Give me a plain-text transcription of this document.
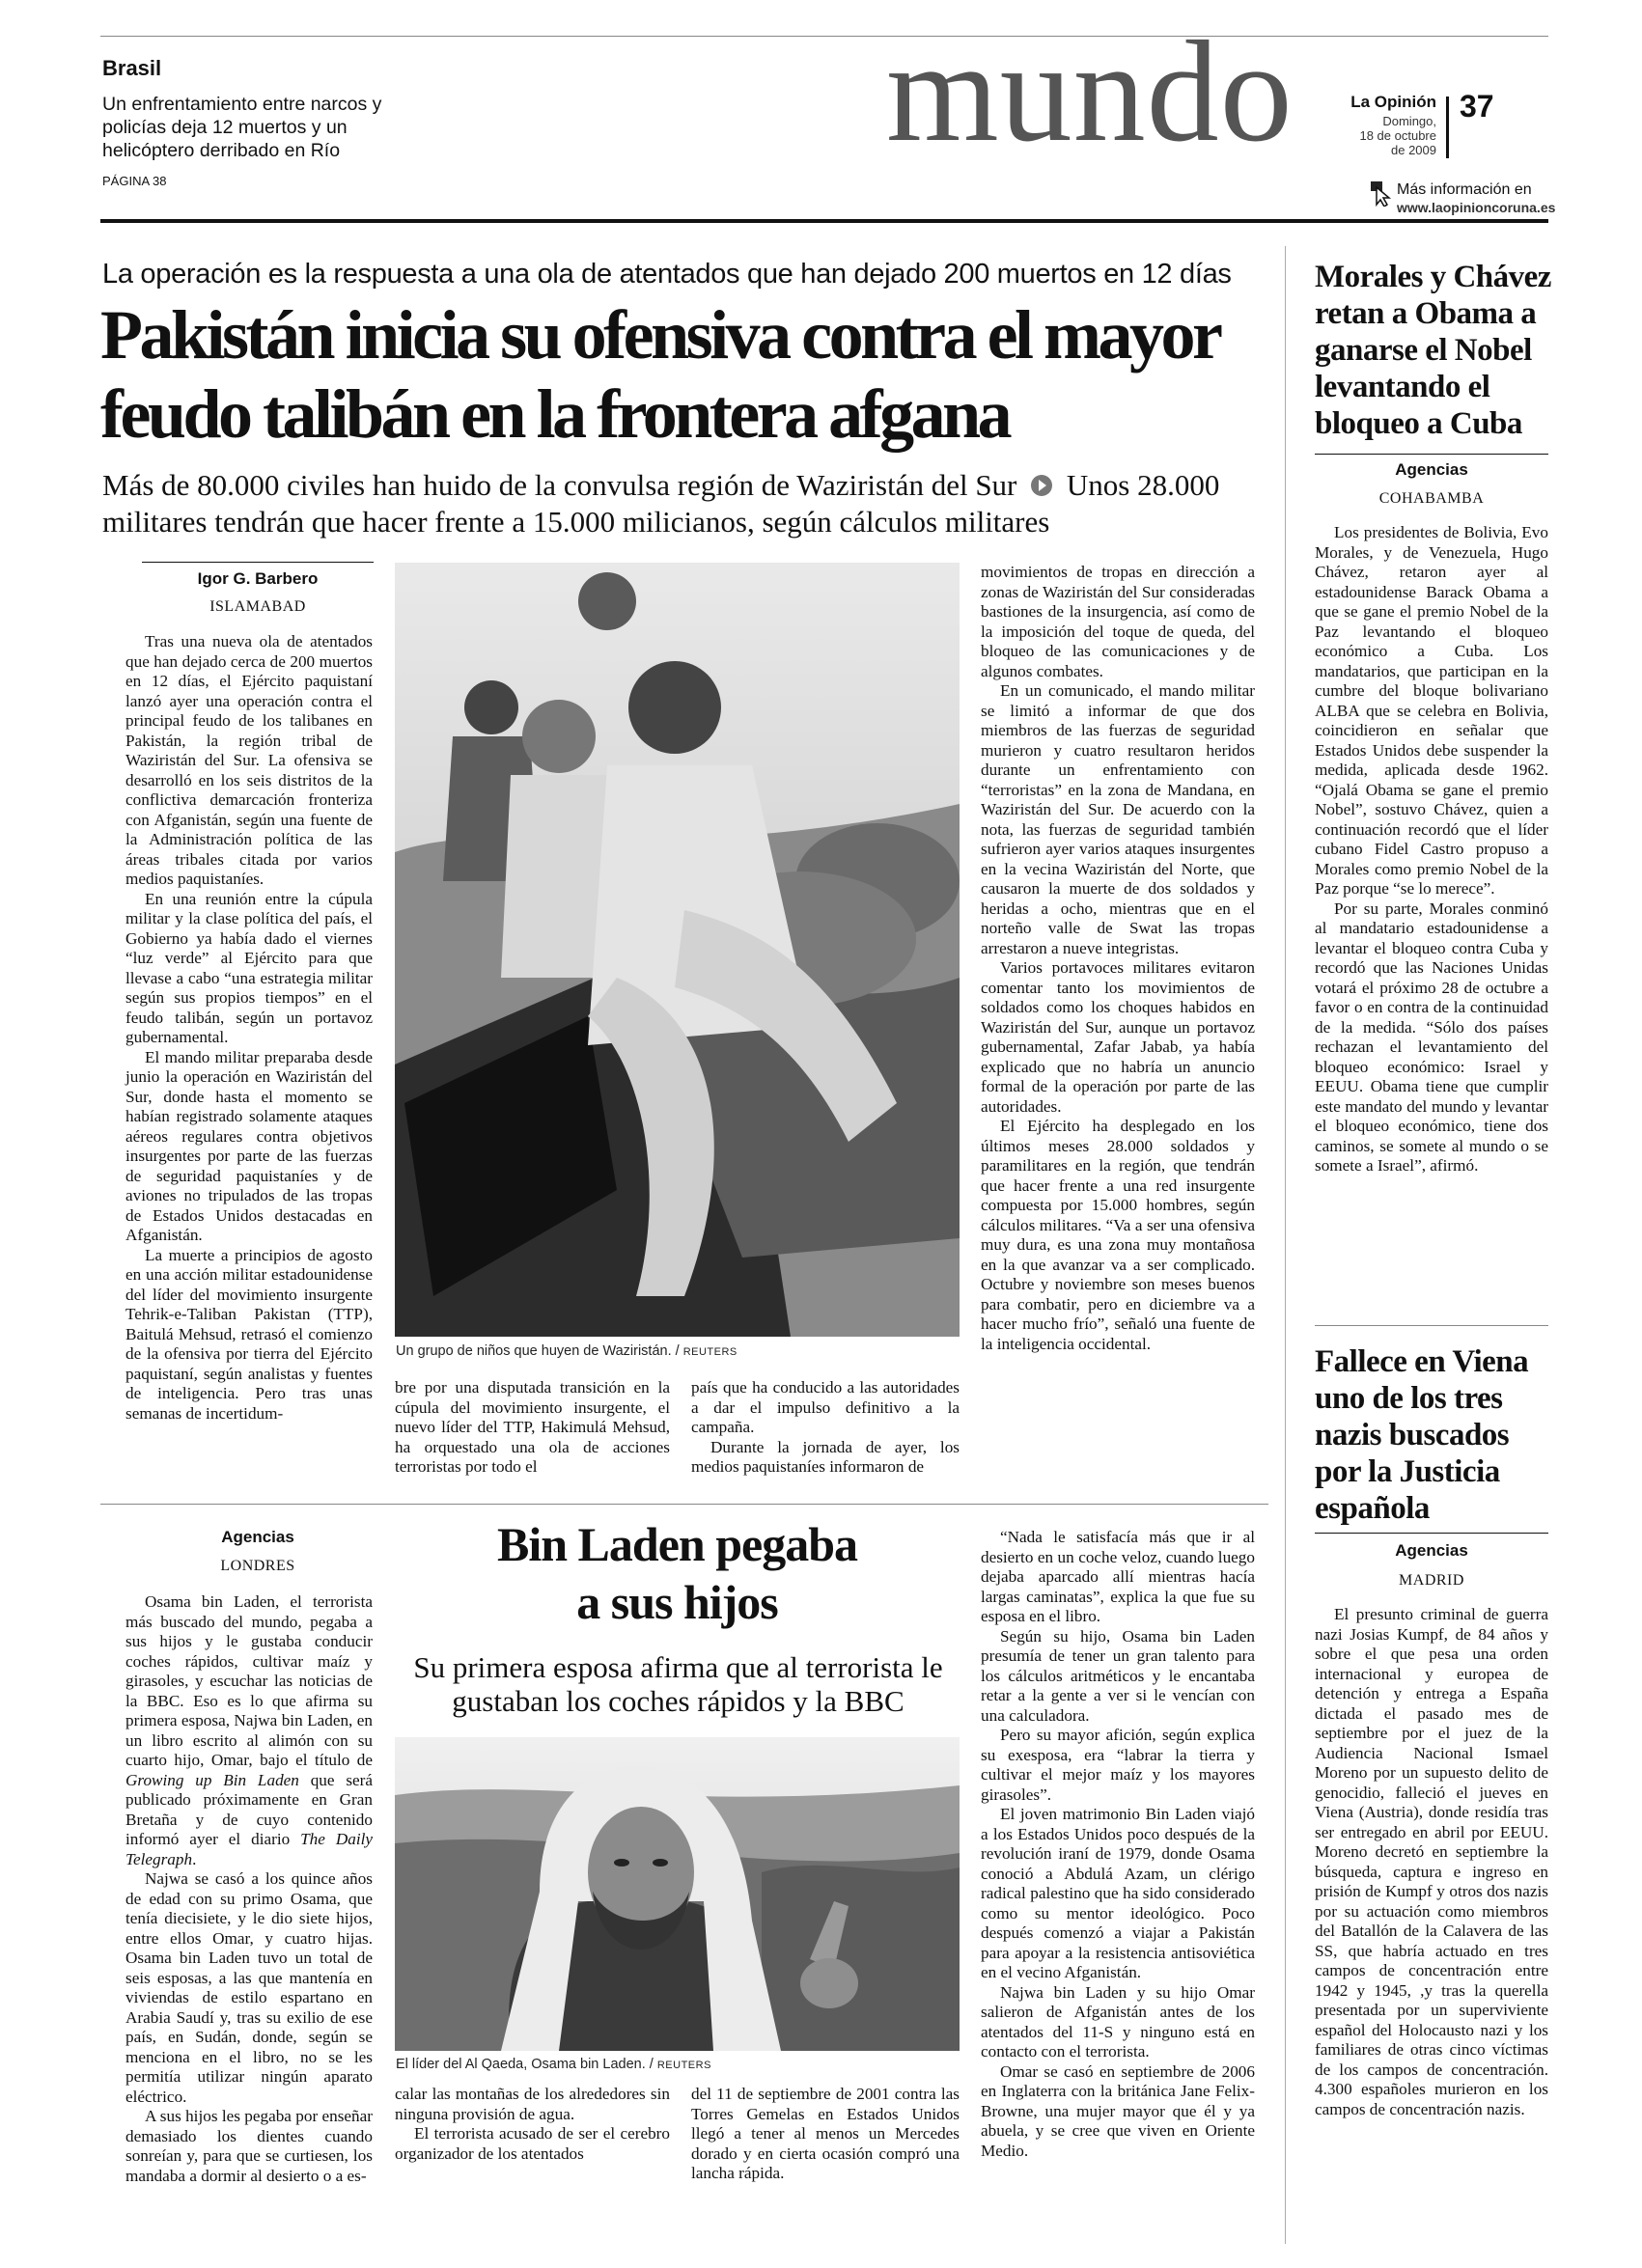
Brasil
Un enfrentamiento entre narcos y policías deja 12 muertos y un helicóptero derribado en Río
PÁGINA 38
mundo	La Opinión
Domingo,
18 de octubre
de 2009
37
Más información en
www.laopinioncoruna.es
La operación es la respuesta a una ola de atentados que han dejado 200 muertos en 12 días
Pakistán inicia su ofensiva contra el mayor feudo talibán en la frontera afgana
Más de 80.000 civiles han huido de la convulsa región de Waziristán del Sur Unos 28.000 militares tendrán que hacer frente a 15.000 milicianos, según cálculos militares
Igor G. Barbero
ISLAMABAD

Tras una nueva ola de atentados que han dejado cerca de 200 muertos en 12 días, el Ejército paquistaní lanzó ayer una operación contra el principal feudo de los talibanes en Pakistán, la región tribal de Waziristán del Sur. La ofensiva se desarrolló en los seis distritos de la conflictiva demarcación fronteriza con Afganistán, según una fuente de la Administración política de las áreas tribales citada por varios medios paquistaníes.

En una reunión entre la cúpula militar y la clase política del país, el Gobierno ya había dado el viernes “luz verde” al Ejército para que llevase a cabo “una estrategia militar según sus propios tiempos” en el feudo talibán, según un portavoz gubernamental.

El mando militar preparaba desde junio la operación en Waziristán del Sur, donde hasta el momento se habían registrado solamente ataques aéreos regulares contra objetivos insurgentes por parte de las fuerzas de seguridad paquistaníes y de aviones no tripulados de las tropas de Estados Unidos destacadas en Afganistán.

La muerte a principios de agosto en una acción militar estadounidense del líder del movimiento insurgente Tehrik-e-Taliban Pakistan (TTP), Baitulá Mehsud, retrasó el comienzo de la ofensiva por tierra del Ejército paquistaní, según analistas y fuentes de inteligencia. Pero tras unas semanas de incertidum-

Un grupo de niños que huyen de Waziristán. / REUTERS

bre por una disputada transición en la cúpula del movimiento insurgente, el nuevo líder del TTP, Hakimulá Mehsud, ha orquestado una ola de acciones terroristas por todo el

país que ha conducido a las autoridades a dar el impulso definitivo a la campaña.

Durante la jornada de ayer, los medios paquistaníes informaron de

movimientos de tropas en dirección a zonas de Waziristán del Sur consideradas bastiones de la insurgencia, así como de la imposición del toque de queda, del bloqueo de las comunicaciones y de algunos combates.

En un comunicado, el mando militar se limitó a informar de que dos miembros de las fuerzas de seguridad murieron y cuatro resultaron heridos durante un enfrentamiento con “terroristas” en la zona de Mandana, en Waziristán del Sur. De acuerdo con la nota, las fuerzas de seguridad también sufrieron ayer varios ataques insurgentes en la vecina Waziristán del Norte, que causaron la muerte de dos soldados y heridas a ocho, mientras que en el norteño valle de Swat las tropas arrestaron a nueve integristas.

Varios portavoces militares evitaron comentar tanto los movimientos de soldados como los choques habidos en Waziristán del Sur, aunque un portavoz gubernamental, Zafar Jabab, ya había explicado que no habría un anuncio formal de la operación por parte de las autoridades.

El Ejército ha desplegado en los últimos meses 28.000 soldados y paramilitares en la región, que tendrán que hacer frente a una red insurgente compuesta por 15.000 hombres, según cálculos militares. “Va a ser una ofensiva muy dura, es una zona muy montañosa en la que avanzar va a ser complicado. Octubre y noviembre son meses buenos para combatir, pero en diciembre va a hacer mucho frío”, señaló una fuente de la inteligencia occidental.

Morales y Chávez retan a Obama a ganarse el Nobel levantando el bloqueo a Cuba
Agencias
COHABAMBA

Los presidentes de Bolivia, Evo Morales, y de Venezuela, Hugo Chávez, retaron ayer al estadounidense Barack Obama a que se gane el premio Nobel de la Paz levantando el bloqueo económico a Cuba. Los mandatarios, que participan en la cumbre del bloque bolivariano ALBA que se celebra en Bolivia, coincidieron en señalar que Estados Unidos debe suspender la medida, aplicada desde 1962. “Ojalá Obama se gane el premio Nobel”, sostuvo Chávez, quien a continuación recordó que el líder cubano Fidel Castro propuso a Morales como premio Nobel de la Paz porque “se lo merece”.

Por su parte, Morales conminó al mandatario estadounidense a levantar el bloqueo contra Cuba y recordó que las Naciones Unidas votará el próximo 28 de octubre a favor o en contra de la continuidad de la medida. “Sólo dos países rechazan el levantamiento del bloqueo económico: Israel y EEUU. Obama tiene que cumplir este mandato del mundo y levantar el bloqueo económico, tiene dos caminos, se somete al mundo o se somete a Israel”, afirmó.

Fallece en Viena uno de los tres nazis buscados por la Justicia española
Agencias
MADRID

El presunto criminal de guerra nazi Josias Kumpf, de 84 años y sobre el que pesa una orden internacional y europea de detención y entrega a España dictada el pasado mes de septiembre por el juez de la Audiencia Nacional Ismael Moreno por un supuesto delito de genocidio, falleció el jueves en Viena (Austria), donde residía tras ser entregado en abril por EEUU. Moreno decretó en septiembre la búsqueda, captura e ingreso en prisión de Kumpf y otros dos nazis por su actuación como miembros del Batallón de la Calavera de las SS, que habría actuado en tres campos de concentración entre 1942 y 1945, ,y tras la querella presentada por un superviviente español del Holocausto nazi y los familiares de otras cinco víctimas de los campos de concentración. 4.300 españoles murieron en los campos de concentración nazis.

Bin Laden pegaba
a sus hijos
Su primera esposa afirma que al terrorista le gustaban los coches rápidos y la BBC
Agencias
LONDRES

Osama bin Laden, el terrorista más buscado del mundo, pegaba a sus hijos y le gustaba conducir coches rápidos, cultivar maíz y girasoles, y escuchar las noticias de la BBC. Eso es lo que afirma su primera esposa, Najwa bin Laden, en un libro escrito al alimón con su cuarto hijo, Omar, bajo el título de Growing up Bin Laden que será publicado próximamente en Gran Bretaña y de cuyo contenido informó ayer el diario The Daily Telegraph.

Najwa se casó a los quince años de edad con su primo Osama, que tenía diecisiete, y le dio siete hijos, entre ellos Omar, y cuatro hijas. Osama bin Laden tuvo un total de seis esposas, a las que mantenía en viviendas de estilo espartano en Arabia Saudí y, tras su exilio de ese país, en Sudán, donde, según se menciona en el libro, no se les permitía utilizar ningún aparato eléctrico.

A sus hijos les pegaba por enseñar demasiado los dientes cuando sonreían y, para que se curtiesen, los mandaba a dormir al desierto o a es-

El líder del Al Qaeda, Osama bin Laden. / REUTERS

calar las montañas de los alrededores sin ninguna provisión de agua.

El terrorista acusado de ser el cerebro organizador de los atentados

del 11 de septiembre de 2001 contra las Torres Gemelas en Estados Unidos llegó a tener al menos un Mercedes dorado y en cierta ocasión compró una lancha rápida.

“Nada le satisfacía más que ir al desierto en un coche veloz, cuando luego dejaba aparcado allí mientras hacía largas caminatas”, explica la que fue su esposa en el libro.

Según su hijo, Osama bin Laden presumía de tener un gran talento para los cálculos aritméticos y le encantaba retar a la gente a ver si le vencían con una calculadora.

Pero su mayor afición, según explica su exesposa, era “labrar la tierra y cultivar el mejor maíz y los mayores girasoles”.

El joven matrimonio Bin Laden viajó a los Estados Unidos poco después de la revolución iraní de 1979, donde Osama conoció a Abdulá Azam, un clérigo radical palestino que ha sido considerado como su mentor ideológico. Poco después comenzó a viajar a Pakistán para apoyar a la resistencia antisoviética en el vecino Afganistán.

Najwa bin Laden y su hijo Omar salieron de Afganistán antes de los atentados del 11-S y ninguno está en contacto con el terrorista.

Omar se casó en septiembre de 2006 en Inglaterra con la británica Jane Felix-Browne, una mujer mayor que él y ya abuela, y se cree que viven en Oriente Medio.
